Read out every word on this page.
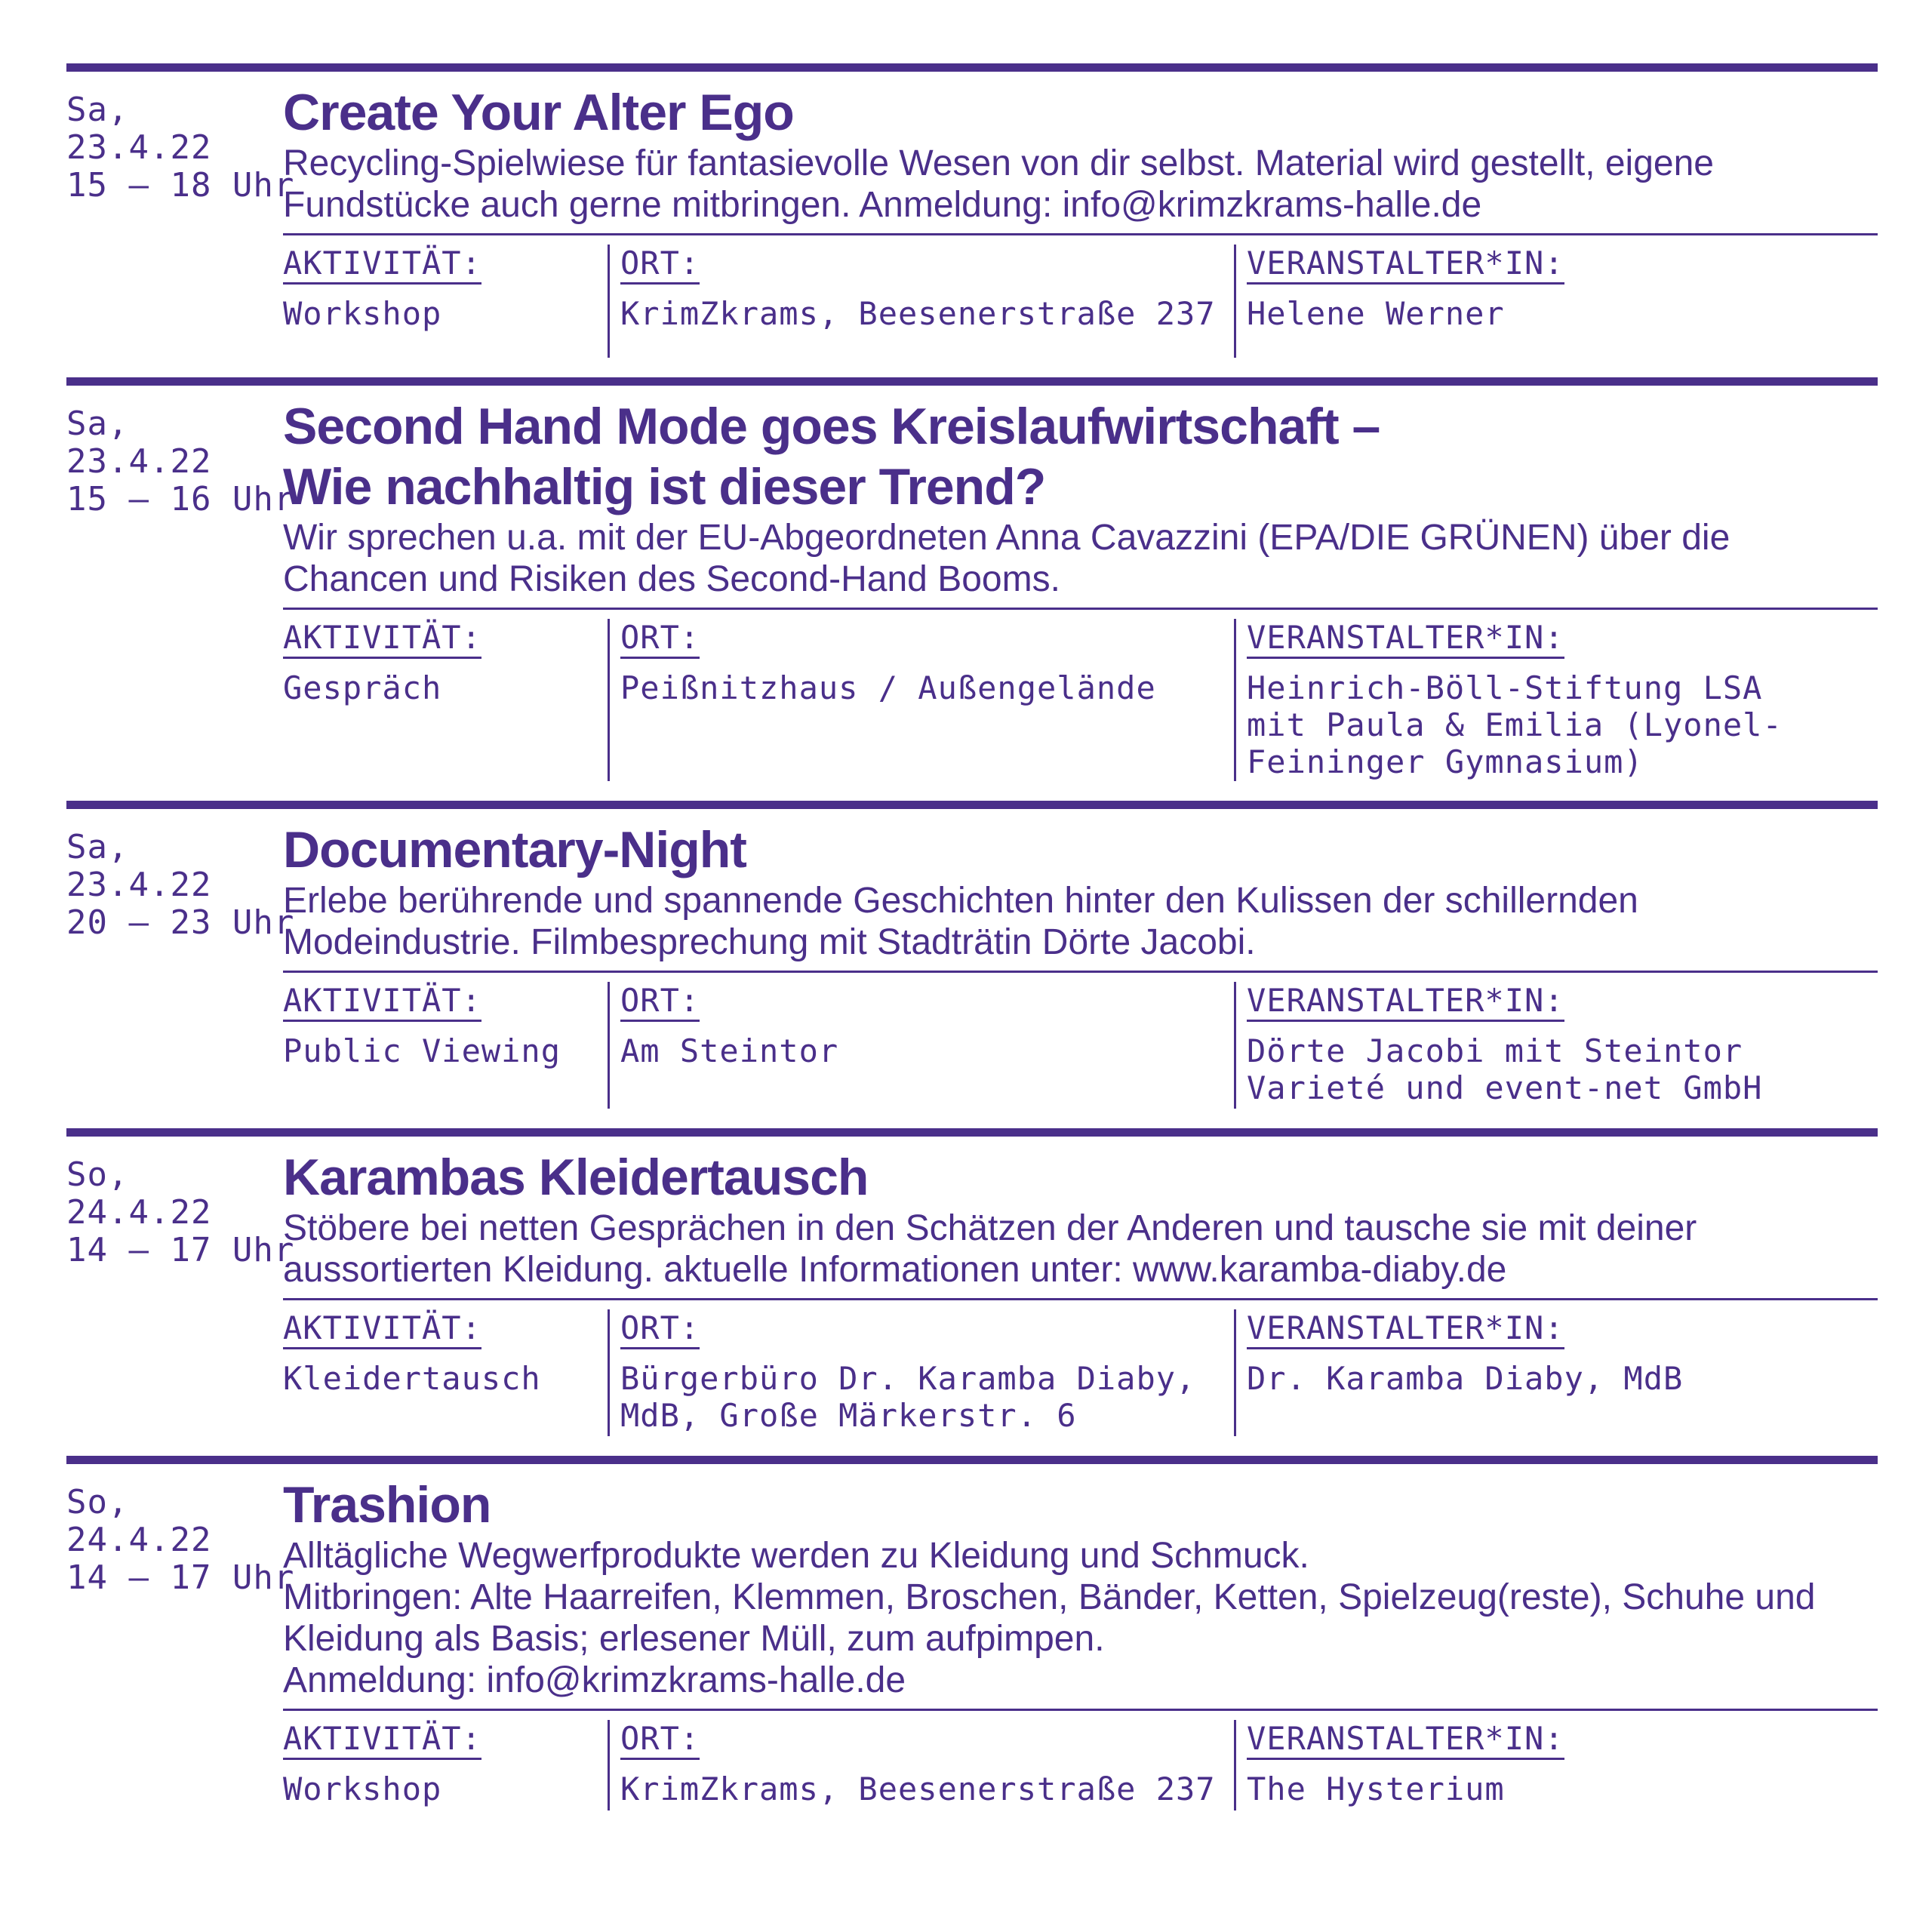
Sa,
23.4.22
15 – 18 Uhr
Create Your Alter Ego
Recycling-Spielwiese für fantasievolle Wesen von dir selbst. Material wird gestellt, eigene Fundstücke auch gerne mitbringen. Anmeldung: info@krimzkrams-halle.de
AKTIVITÄT:
Workshop
ORT:
KrimZkrams, Beesenerstraße 237
VERANSTALTER*IN:
Helene Werner
Sa,
23.4.22
15 – 16 Uhr
Second Hand Mode goes Kreislaufwirtschaft –
Wie nachhaltig ist dieser Trend?
Wir sprechen u.a. mit der EU-Abgeordneten Anna Cavazzini (EPA/DIE GRÜNEN) über die Chancen und Risiken des Second-Hand Booms.
AKTIVITÄT:
Gespräch
ORT:
Peißnitzhaus / Außengelände
VERANSTALTER*IN:
Heinrich-Böll-Stiftung LSA
mit Paula & Emilia (Lyonel-
Feininger Gymnasium)
Sa,
23.4.22
20 – 23 Uhr
Documentary-Night
Erlebe berührende und spannende Geschichten hinter den Kulissen der schillernden Modeindustrie. Filmbesprechung mit Stadträtin Dörte Jacobi.
AKTIVITÄT:
Public Viewing
ORT:
Am Steintor
VERANSTALTER*IN:
Dörte Jacobi mit Steintor
Varieté und event-net GmbH
So,
24.4.22
14 – 17 Uhr
Karambas Kleidertausch
Stöbere bei netten Gesprächen in den Schätzen der Anderen und tausche sie mit deiner aussortierten Kleidung. aktuelle Informationen unter: www.karamba-diaby.de
AKTIVITÄT:
Kleidertausch
ORT:
Bürgerbüro Dr. Karamba Diaby,
MdB, Große Märkerstr. 6
VERANSTALTER*IN:
Dr. Karamba Diaby, MdB
So,
24.4.22
14 – 17 Uhr
Trashion
Alltägliche Wegwerfprodukte werden zu Kleidung und Schmuck.
Mitbringen: Alte Haarreifen, Klemmen, Broschen, Bänder, Ketten, Spielzeug(reste), Schuhe und Kleidung als Basis; erlesener Müll, zum aufpimpen.
Anmeldung: info@krimzkrams-halle.de
AKTIVITÄT:
Workshop
ORT:
KrimZkrams, Beesenerstraße 237
VERANSTALTER*IN:
The Hysterium
